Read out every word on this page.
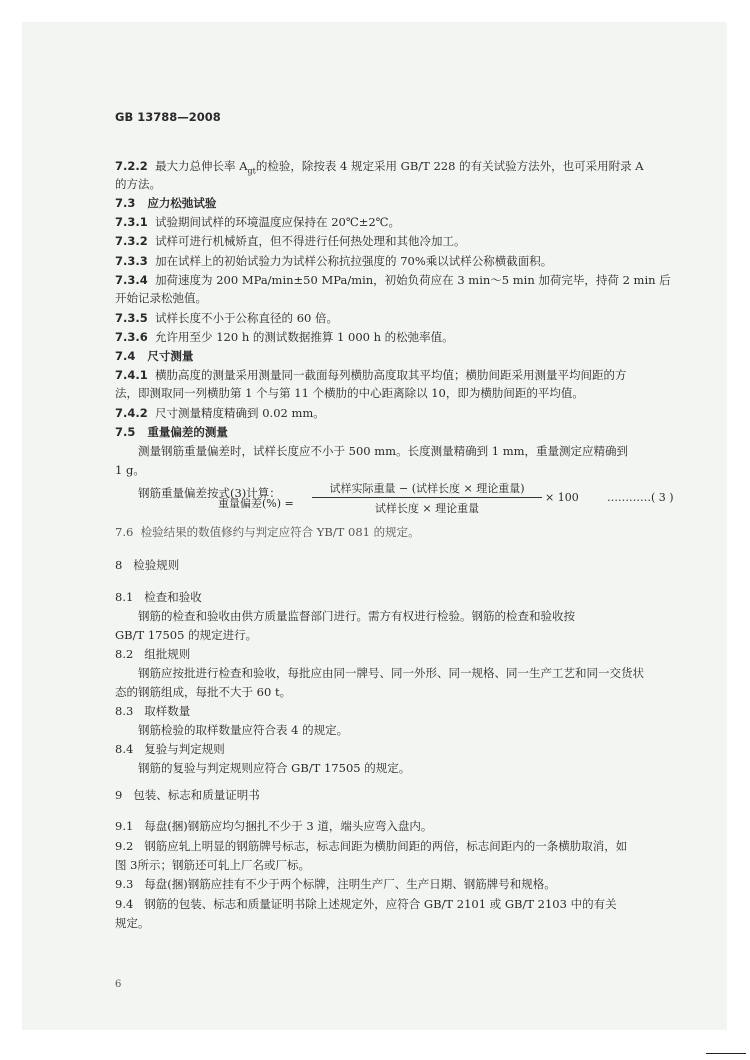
GB 13788—2008
7.2.2 最大力总伸长率 $A_{gt}$的检验，除按表 4 规定采用 GB/T 228 的有关试验方法外，也可采用附录 A
的方法。
7.3 应力松弛试验
7.3.1 试验期间试样的环境温度应保持在 20℃±2℃。
7.3.2 试样可进行机械矫直，但不得进行任何热处理和其他冷加工。
7.3.3 加在试样上的初始试验力为试样公称抗拉强度的 70%乘以试样公称横截面积。
7.3.4 加荷速度为 200 MPa/min±50 MPa/min，初始负荷应在 3 min～5 min 加荷完毕，持荷 2 min 后
开始记录松弛值。
7.3.5 试样长度不小于公称直径的 60 倍。
7.3.6 允许用至少 120 h 的测试数据推算 1 000 h 的松弛率值。
7.4 尺寸测量
7.4.1 横肋高度的测量采用测量同一截面每列横肋高度取其平均值；横肋间距采用测量平均间距的方
法，即测取同一列横肋第 1 个与第 11 个横肋的中心距离除以 10，即为横肋间距的平均值。
7.4.2 尺寸测量精度精确到 0.02 mm。
7.5 重量偏差的测量
测量钢筋重量偏差时，试样长度应不小于 500 mm。长度测量精确到 1 mm，重量测定应精确到
1 g。
钢筋重量偏差按式(3)计算：
重量偏差(%) =
试样实际重量 − (试样长度 × 理论重量)
试样长度 × 理论重量
× 100	…………( 3 )
7.6 检验结果的数值修约与判定应符合 YB/T 081 的规定。
8 检验规则
8.1 检查和验收
钢筋的检查和验收由供方质量监督部门进行。需方有权进行检验。钢筋的检查和验收按
GB/T 17505 的规定进行。
8.2 组批规则
钢筋应按批进行检查和验收，每批应由同一牌号、同一外形、同一规格、同一生产工艺和同一交货状
态的钢筋组成，每批不大于 60 t。
8.3 取样数量
钢筋检验的取样数量应符合表 4 的规定。
8.4 复验与判定规则
钢筋的复验与判定规则应符合 GB/T 17505 的规定。
9 包装、标志和质量证明书
9.1 每盘(捆)钢筋应均匀捆扎不少于 3 道，端头应弯入盘内。
9.2 钢筋应轧上明显的钢筋牌号标志，标志间距为横肋间距的两倍，标志间距内的一条横肋取消，如
图 3所示；钢筋还可轧上厂名或厂标。
9.3 每盘(捆)钢筋应挂有不少于两个标牌，注明生产厂、生产日期、钢筋牌号和规格。
9.4 钢筋的包装、标志和质量证明书除上述规定外，应符合 GB/T 2101 或 GB/T 2103 中的有关
规定。
6
